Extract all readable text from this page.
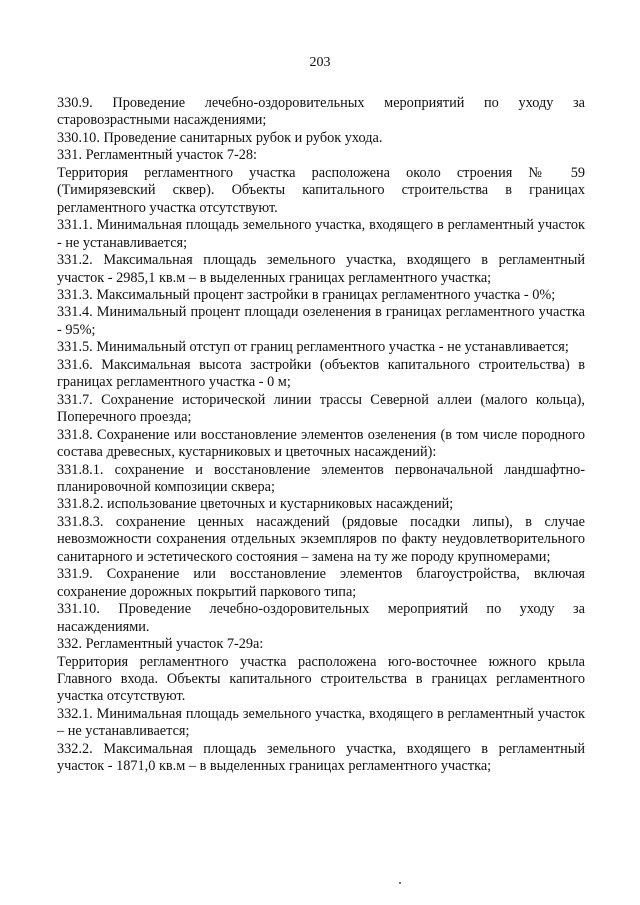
203

330.9. Проведение лечебно-оздоровительных мероприятий по уходу за старовозрастными насаждениями;

330.10. Проведение санитарных рубок и рубок ухода.

331. Регламентный участок 7-28:

Территория регламентного участка расположена около строения № 59 (Тимирязевский сквер). Объекты капитального строительства в границах регламентного участка отсутствуют.

331.1. Минимальная площадь земельного участка, входящего в регламентный участок - не устанавливается;

331.2. Максимальная площадь земельного участка, входящего в регламентный участок - 2985,1 кв.м – в выделенных границах регламентного участка;

331.3. Максимальный процент застройки в границах регламентного участка - 0%;

331.4. Минимальный процент площади озеленения в границах регламентного участка - 95%;

331.5. Минимальный отступ от границ регламентного участка - не устанавливается;

331.6. Максимальная высота застройки (объектов капитального строительства) в границах регламентного участка - 0 м;

331.7. Сохранение исторической линии трассы Северной аллеи (малого кольца), Поперечного проезда;

331.8. Сохранение или восстановление элементов озеленения (в том числе породного состава древесных, кустарниковых и цветочных насаждений):

331.8.1. сохранение и восстановление элементов первоначальной ландшафтно-планировочной композиции сквера;

331.8.2. использование цветочных и кустарниковых насаждений;

331.8.3. сохранение ценных насаждений (рядовые посадки липы), в случае невозможности сохранения отдельных экземпляров по факту неудовлетворительного санитарного и эстетического состояния – замена на ту же породу крупномерами;

331.9. Сохранение или восстановление элементов благоустройства, включая сохранение дорожных покрытий паркового типа;

331.10. Проведение лечебно-оздоровительных мероприятий по уходу за насаждениями.

332. Регламентный участок 7-29а:

Территория регламентного участка расположена юго-восточнее южного крыла Главного входа. Объекты капитального строительства в границах регламентного участка отсутствуют.

332.1. Минимальная площадь земельного участка, входящего в регламентный участок – не устанавливается;

332.2. Максимальная площадь земельного участка, входящего в регламентный участок - 1871,0 кв.м – в выделенных границах регламентного участка;
